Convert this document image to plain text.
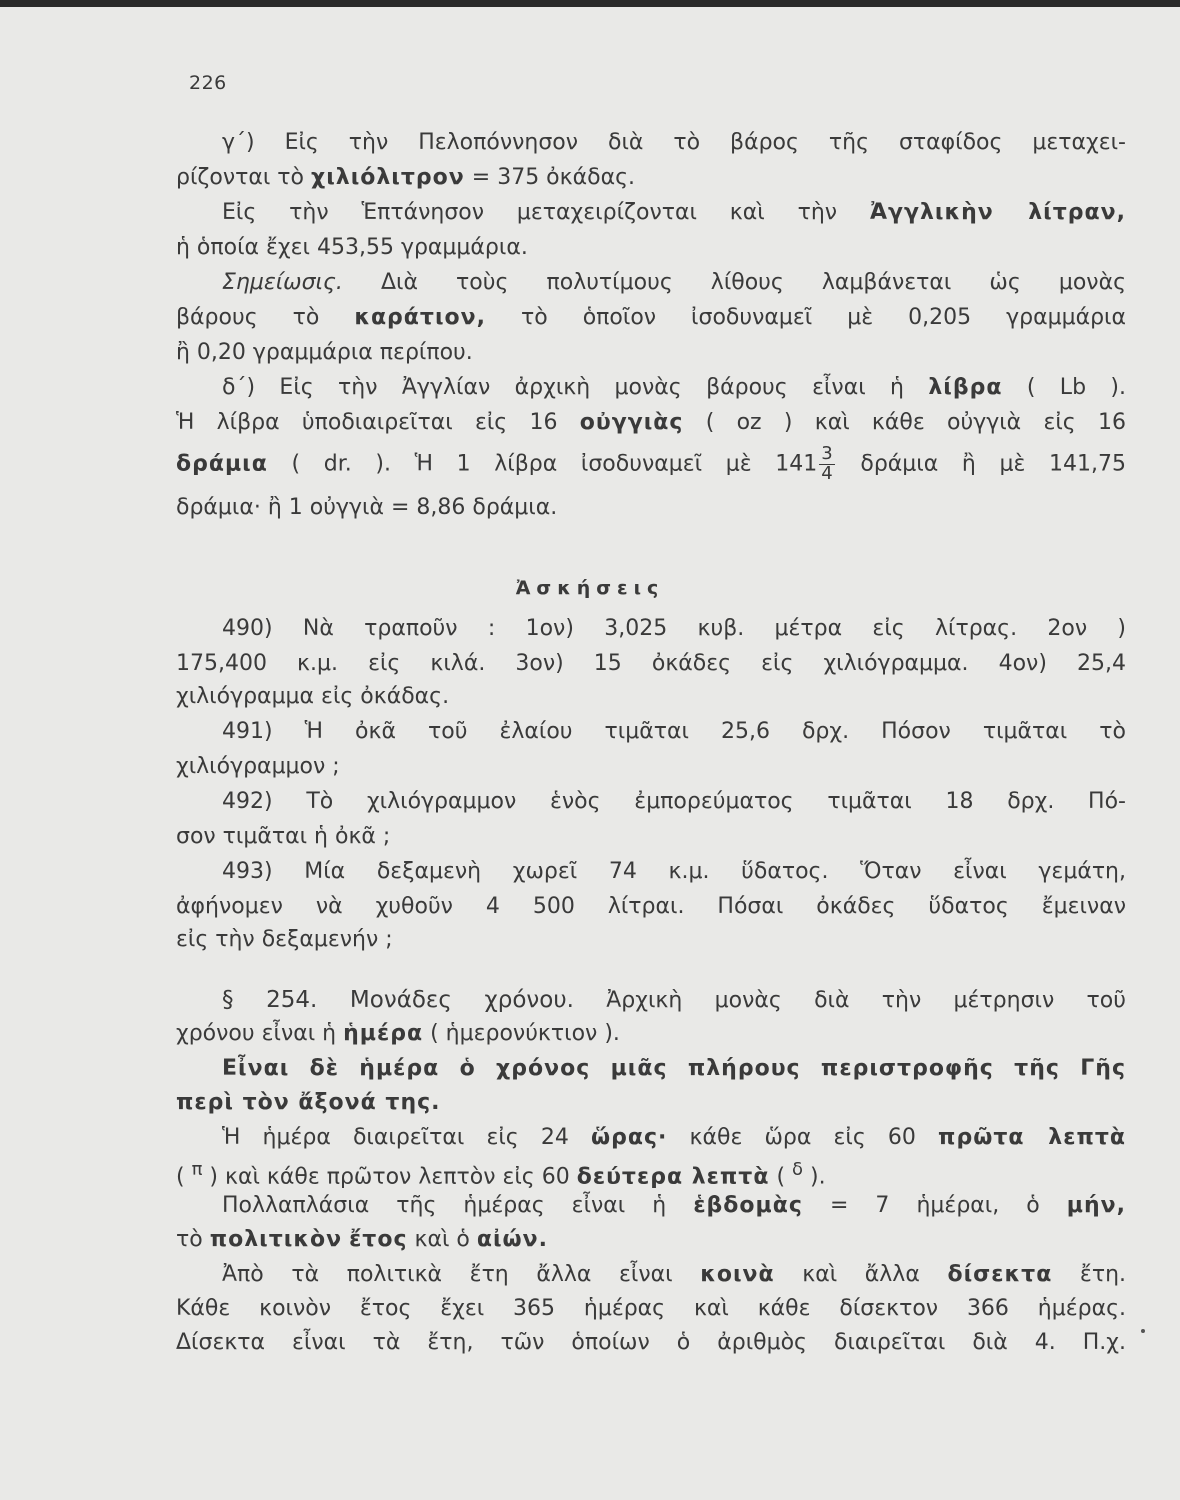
226
γ΄) Εἰς τὴν Πελοπόννησον διὰ τὸ βάρος τῆς σταφίδος μεταχει-
ρίζονται τὸ χιλιόλιτρον = 375 ὀκάδας.
Εἰς τὴν Ἑπτάνησον μεταχειρίζονται καὶ τὴν Ἀγγλικὴν λίτραν,
ἡ ὁποία ἔχει 453,55 γραμμάρια.
Σημείωσις. Διὰ τοὺς πολυτίμους λίθους λαμβάνεται ὡς μονὰς
βάρους τὸ καράτιον, τὸ ὁποῖον ἰσοδυναμεῖ μὲ 0,205 γραμμάρια
ἢ 0,20 γραμμάρια περίπου.
δ΄) Εἰς τὴν Ἀγγλίαν ἀρχικὴ μονὰς βάρους εἶναι ἡ λίβρα ( Lb ).
Ἡ λίβρα ὑποδιαιρεῖται εἰς 16 οὐγγιὰς ( oz ) καὶ κάθε οὐγγιὰ εἰς 16
δράμια ( dr. ). Ἡ 1 λίβρα ἰσοδυναμεῖ μὲ $141 \frac{3}{4}$ δράμια ἢ μὲ 141,75
δράμια· ἢ 1 οὐγγιὰ = 8,86 δράμια.
Ἀσκήσεις
490) Νὰ τραποῦν : 1ον) 3,025 κυβ. μέτρα εἰς λίτρας. 2ον )
175,400 κ.μ. εἰς κιλά. 3ον) 15 ὀκάδες εἰς χιλιόγραμμα. 4ον) 25,4
χιλιόγραμμα εἰς ὀκάδας.
491) Ἡ ὀκᾶ τοῦ ἐλαίου τιμᾶται 25,6 δρχ. Πόσον τιμᾶται τὸ
χιλιόγραμμον ;
492) Τὸ χιλιόγραμμον ἑνὸς ἐμπορεύματος τιμᾶται 18 δρχ. Πό-
σον τιμᾶται ἡ ὀκᾶ ;
493) Μία δεξαμενὴ χωρεῖ 74 κ.μ. ὕδατος. Ὅταν εἶναι γεμάτη,
ἀφήνομεν νὰ χυθοῦν 4 500 λίτραι. Πόσαι ὀκάδες ὕδατος ἔμειναν
εἰς τὴν δεξαμενήν ;
§ 254. Μονάδες χρόνου. Ἀρχικὴ μονὰς διὰ τὴν μέτρησιν τοῦ
χρόνου εἶναι ἡ ἡμέρα ( ἡμερονύκτιον ).
Εἶναι δὲ ἡμέρα ὁ χρόνος μιᾶς πλήρους περιστροφῆς τῆς Γῆς
περὶ τὸν ἄξονά της.
Ἡ ἡμέρα διαιρεῖται εἰς 24 ὥρας· κάθε ὥρα εἰς 60 πρῶτα λεπτὰ
( $^\pi$ ) καὶ κάθε πρῶτον λεπτὸν εἰς 60 δεύτερα λεπτὰ ( $^\delta$ ).
Πολλαπλάσια τῆς ἡμέρας εἶναι ἡ ἑβδομὰς = 7 ἡμέραι, ὁ μήν,
τὸ πολιτικὸν ἔτος καὶ ὁ αἰών.
Ἀπὸ τὰ πολιτικὰ ἔτη ἄλλα εἶναι κοινὰ καὶ ἄλλα δίσεκτα ἔτη.
Κάθε κοινὸν ἔτος ἔχει 365 ἡμέρας καὶ κάθε δίσεκτον 366 ἡμέρας.
Δίσεκτα εἶναι τὰ ἔτη, τῶν ὁποίων ὁ ἀριθμὸς διαιρεῖται διὰ 4. Π.χ.
